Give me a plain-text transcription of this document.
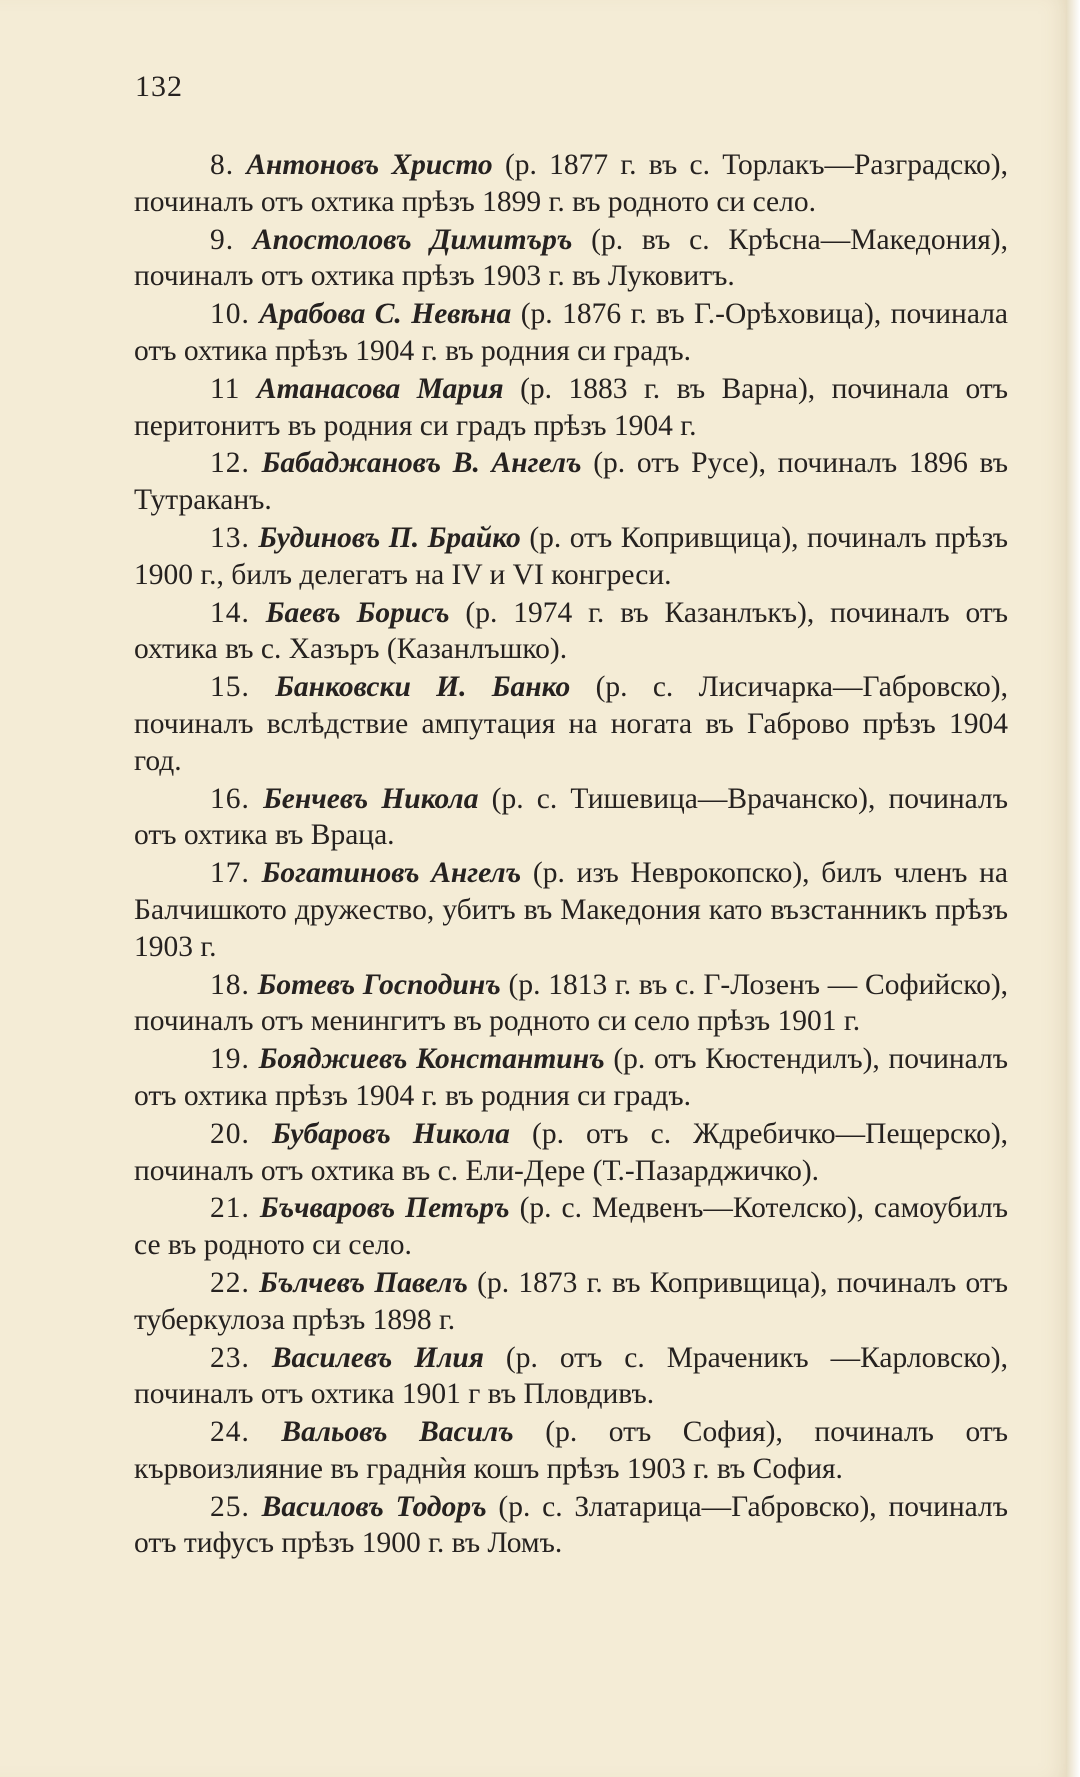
132

8. Антоновъ Христо (р. 1877 г. въ с. Торлакъ—Разградско), починалъ отъ охтика прѣзъ 1899 г. въ родното си село.

9. Апостоловъ Димитъръ (р. въ с. Крѣсна—Македония), починалъ отъ охтика прѣзъ 1903 г. въ Луковитъ.

10. Арабова С. Невѣна (р. 1876 г. въ Г.-Орѣховица), починала отъ охтика прѣзъ 1904 г. въ родния си градъ.

11 Атанасова Мария (р. 1883 г. въ Варна), починала отъ перитонитъ въ родния си градъ прѣзъ 1904 г.

12. Бабаджановъ В. Ангелъ (р. отъ Русе), починалъ 1896 въ Тутраканъ.

13. Будиновъ П. Брайко (р. отъ Копривщица), починалъ прѣзъ 1900 г., билъ делегатъ на IV и VI конгреси.

14. Баевъ Борисъ (р. 1974 г. въ Казанлъкъ), починалъ отъ охтика въ с. Хазъръ (Казанлъшко).

15. Банковски И. Банко (р. с. Лисичарка—Габровско), починалъ вслѣдствие ампутация на ногата въ Габрово прѣзъ 1904 год.

16. Бенчевъ Никола (р. с. Тишевица—Врачанско), починалъ отъ охтика въ Враца.

17. Богатиновъ Ангелъ (р. изъ Неврокопско), билъ членъ на Балчишкото дружество, убитъ въ Македония като възстанникъ прѣзъ 1903 г.

18. Ботевъ Господинъ (р. 1813 г. въ с. Г-Лозенъ — Софийско), починалъ отъ менингитъ въ родното си село прѣзъ 1901 г.

19. Бояджиевъ Константинъ (р. отъ Кюстендилъ), починалъ отъ охтика прѣзъ 1904 г. въ родния си градъ.

20. Бубаровъ Никола (р. отъ с. Ждребичко—Пещерско), починалъ отъ охтика въ с. Ели-Дере (Т.-Пазарджичко).

21. Бъчваровъ Петъръ (р. с. Медвенъ—Котелско), самоубилъ се въ родното си село.

22. Бълчевъ Павелъ (р. 1873 г. въ Копривщица), починалъ отъ туберкулоза прѣзъ 1898 г.

23. Василевъ Илия (р. отъ с. Мраченикъ —Карловско), починалъ отъ охтика 1901 г въ Пловдивъ.

24. Вальовъ Василъ (р. отъ София), починалъ отъ кървоизлияние въ граднѝя кошъ прѣзъ 1903 г. въ София.

25. Василовъ Тодоръ (р. с. Златарица—Габровско), починалъ отъ тифусъ прѣзъ 1900 г. въ Ломъ.
